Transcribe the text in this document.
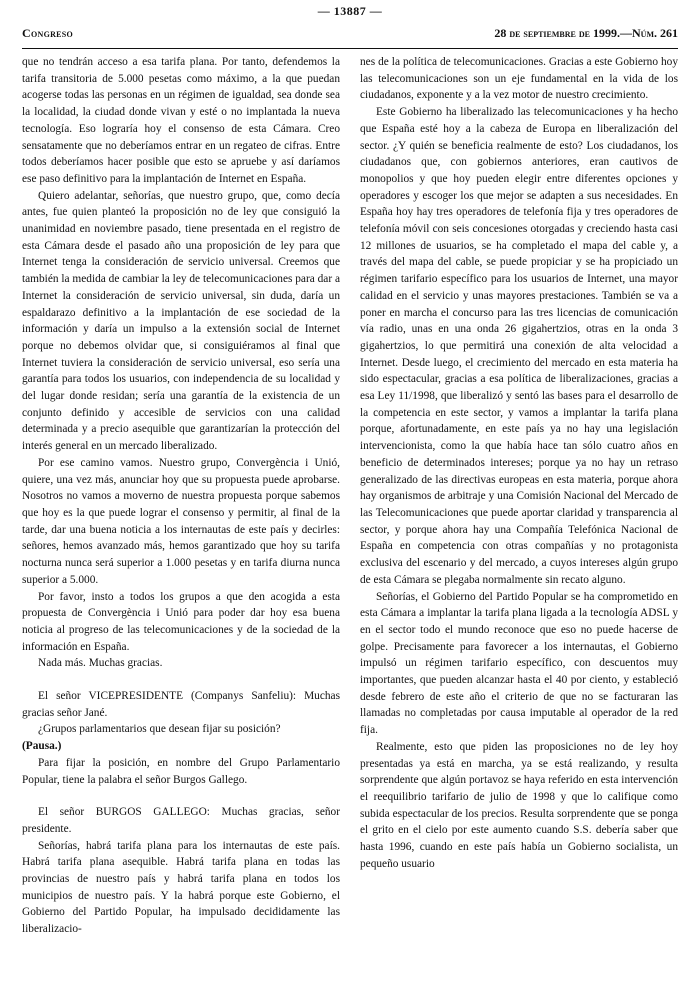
— 13887 —
Congreso	28 de septiembre de 1999.—Núm. 261

que no tendrán acceso a esa tarifa plana. Por tanto, defendemos la tarifa transitoria de 5.000 pesetas como máximo, a la que puedan acogerse todas las personas en un régimen de igualdad, sea donde sea la localidad, la ciudad donde vivan y esté o no implantada la nueva tecnología. Eso lograría hoy el consenso de esta Cámara. Creo sensatamente que no deberíamos entrar en un regateo de cifras. Entre todos deberíamos hacer posible que esto se apruebe y así daríamos ese paso definitivo para la implantación de Internet en España.

Quiero adelantar, señorías, que nuestro grupo, que, como decía antes, fue quien planteó la proposición no de ley que consiguió la unanimidad en noviembre pasado, tiene presentada en el registro de esta Cámara desde el pasado año una proposición de ley para que Internet tenga la consideración de servicio universal. Creemos que también la medida de cambiar la ley de telecomunicaciones para dar a Internet la consideración de servicio universal, sin duda, daría un espaldarazo definitivo a la implantación de ese sociedad de la información y daría un impulso a la extensión social de Internet porque no debemos olvidar que, si consiguiéramos al final que Internet tuviera la consideración de servicio universal, eso sería una garantía para todos los usuarios, con independencia de su localidad y del lugar donde residan; sería una garantía de la existencia de un conjunto definido y accesible de servicios con una calidad determinada y a precio asequible que garantizarían la protección del interés general en un mercado liberalizado.

Por ese camino vamos. Nuestro grupo, Convergència i Unió, quiere, una vez más, anunciar hoy que su propuesta puede aprobarse. Nosotros no vamos a moverno de nuestra propuesta porque sabemos que hoy es la que puede lograr el consenso y permitir, al final de la tarde, dar una buena noticia a los internautas de este país y decirles: señores, hemos avanzado más, hemos garantizado que hoy su tarifa nocturna nunca será superior a 1.000 pesetas y en tarifa diurna nunca superior a 5.000.

Por favor, insto a todos los grupos a que den acogida a esta propuesta de Convergència i Unió para poder dar hoy esa buena noticia al progreso de las telecomunicaciones y de la sociedad de la información en España.

Nada más. Muchas gracias.

El señor VICEPRESIDENTE (Companys Sanfeliu): Muchas gracias señor Jané.

¿Grupos parlamentarios que desean fijar su posición?

(Pausa.)

Para fijar la posición, en nombre del Grupo Parlamentario Popular, tiene la palabra el señor Burgos Gallego.

El señor BURGOS GALLEGO: Muchas gracias, señor presidente.

Señorías, habrá tarifa plana para los internautas de este país. Habrá tarifa plana asequible. Habrá tarifa plana en todas las provincias de nuestro país y habrá tarifa plana en todos los municipios de nuestro país. Y la habrá porque este Gobierno, el Gobierno del Partido Popular, ha impulsado decididamente las liberalizacio-

nes de la política de telecomunicaciones. Gracias a este Gobierno hoy las telecomunicaciones son un eje fundamental en la vida de los ciudadanos, exponente y a la vez motor de nuestro crecimiento.

Este Gobierno ha liberalizado las telecomunicaciones y ha hecho que España esté hoy a la cabeza de Europa en liberalización del sector. ¿Y quién se beneficia realmente de esto? Los ciudadanos, los ciudadanos que, con gobiernos anteriores, eran cautivos de monopolios y que hoy pueden elegir entre diferentes opciones y operadores y escoger los que mejor se adapten a sus necesidades. En España hoy hay tres operadores de telefonía fija y tres operadores de telefonía móvil con seis concesiones otorgadas y creciendo hasta casi 12 millones de usuarios, se ha completado el mapa del cable y, a través del mapa del cable, se puede propiciar y se ha propiciado un régimen tarifario específico para los usuarios de Internet, una mayor calidad en el servicio y unas mayores prestaciones. También se va a poner en marcha el concurso para las tres licencias de comunicación vía radio, unas en una onda 26 gigahertzios, otras en la onda 3 gigahertzios, lo que permitirá una conexión de alta velocidad a Internet. Desde luego, el crecimiento del mercado en esta materia ha sido espectacular, gracias a esa política de liberalizaciones, gracias a esa Ley 11/1998, que liberalizó y sentó las bases para el desarrollo de la competencia en este sector, y vamos a implantar la tarifa plana porque, afortunadamente, en este país ya no hay una legislación intervencionista, como la que había hace tan sólo cuatro años en beneficio de determinados intereses; porque ya no hay un retraso generalizado de las directivas europeas en esta materia, porque ahora hay organismos de arbitraje y una Comisión Nacional del Mercado de las Telecomunicaciones que puede aportar claridad y transparencia al sector, y porque ahora hay una Compañía Telefónica Nacional de España en competencia con otras compañías y no protagonista exclusiva del escenario y del mercado, a cuyos intereses algún grupo de esta Cámara se plegaba normalmente sin recato alguno.

Señorías, el Gobierno del Partido Popular se ha comprometido en esta Cámara a implantar la tarifa plana ligada a la tecnología ADSL y en el sector todo el mundo reconoce que eso no puede hacerse de golpe. Precisamente para favorecer a los internautas, el Gobierno impulsó un régimen tarifario específico, con descuentos muy importantes, que pueden alcanzar hasta el 40 por ciento, y estableció desde febrero de este año el criterio de que no se facturaran las llamadas no completadas por causa imputable al operador de la red fija.

Realmente, esto que piden las proposiciones no de ley hoy presentadas ya está en marcha, ya se está realizando, y resulta sorprendente que algún portavoz se haya referido en esta intervención el reequilibrio tarifario de julio de 1998 y que lo califique como subida espectacular de los precios. Resulta sorprendente que se ponga el grito en el cielo por este aumento cuando S.S. debería saber que hasta 1996, cuando en este país había un Gobierno socialista, un pequeño usuario
